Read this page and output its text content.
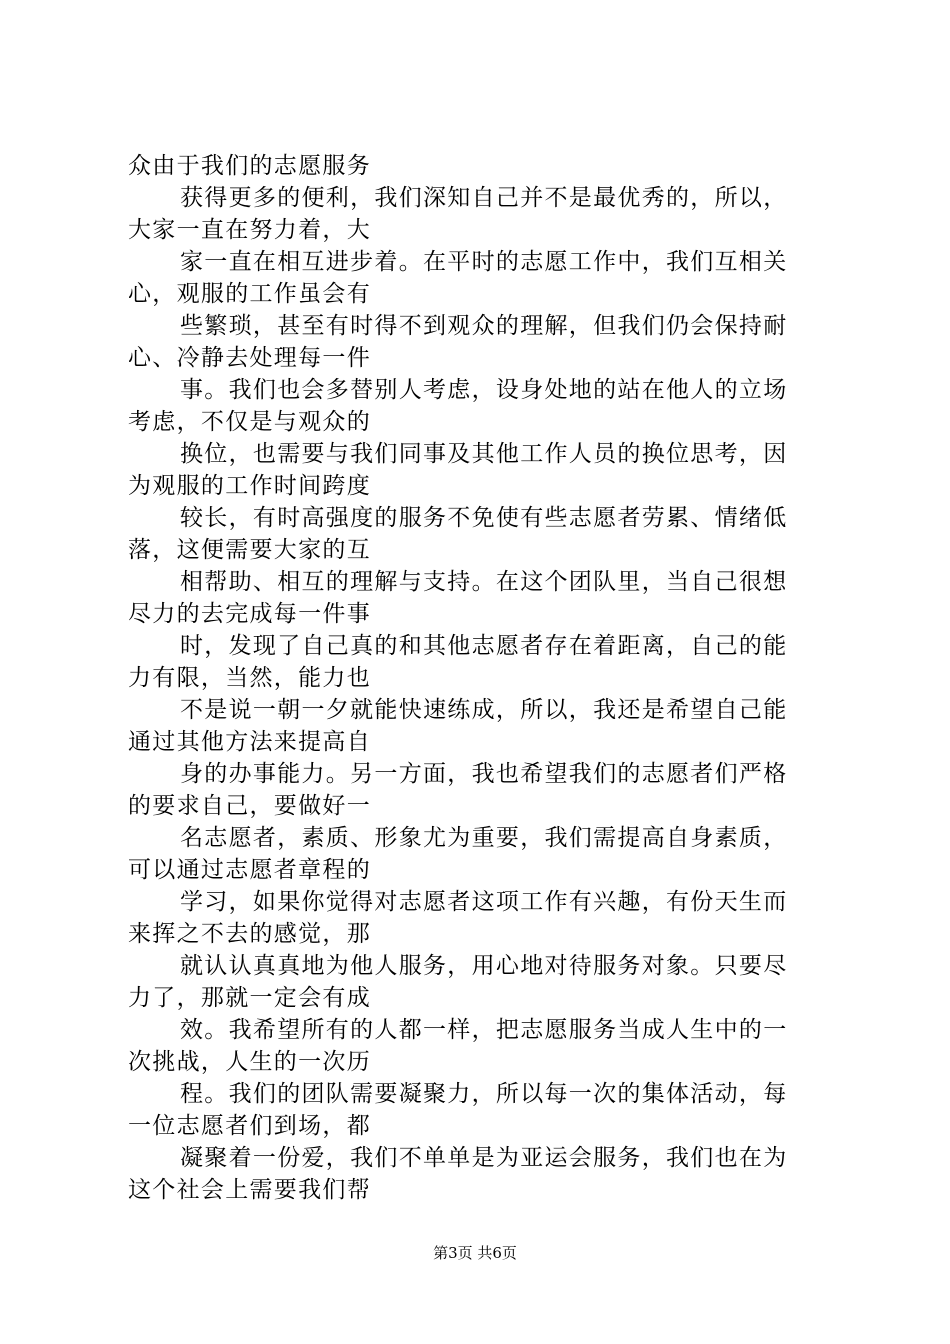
众由于我们的志愿服务
获得更多的便利，我们深知自己并不是最优秀的，所以，
大家一直在努力着，大
家一直在相互进步着。在平时的志愿工作中，我们互相关
心，观服的工作虽会有
些繁琐，甚至有时得不到观众的理解，但我们仍会保持耐
心、冷静去处理每一件
事。我们也会多替别人考虑，设身处地的站在他人的立场
考虑，不仅是与观众的
换位，也需要与我们同事及其他工作人员的换位思考，因
为观服的工作时间跨度
较长，有时高强度的服务不免使有些志愿者劳累、情绪低
落，这便需要大家的互
相帮助、相互的理解与支持。在这个团队里，当自己很想
尽力的去完成每一件事
时，发现了自己真的和其他志愿者存在着距离，自己的能
力有限，当然，能力也
不是说一朝一夕就能快速练成，所以，我还是希望自己能
通过其他方法来提高自
身的办事能力。另一方面，我也希望我们的志愿者们严格
的要求自己，要做好一
名志愿者，素质、形象尤为重要，我们需提高自身素质，
可以通过志愿者章程的
学习，如果你觉得对志愿者这项工作有兴趣，有份天生而
来挥之不去的感觉，那
就认认真真地为他人服务，用心地对待服务对象。只要尽
力了，那就一定会有成
效。我希望所有的人都一样，把志愿服务当成人生中的一
次挑战，人生的一次历
程。我们的团队需要凝聚力，所以每一次的集体活动，每
一位志愿者们到场，都
凝聚着一份爱，我们不单单是为亚运会服务，我们也在为
这个社会上需要我们帮
第3页 共6页
